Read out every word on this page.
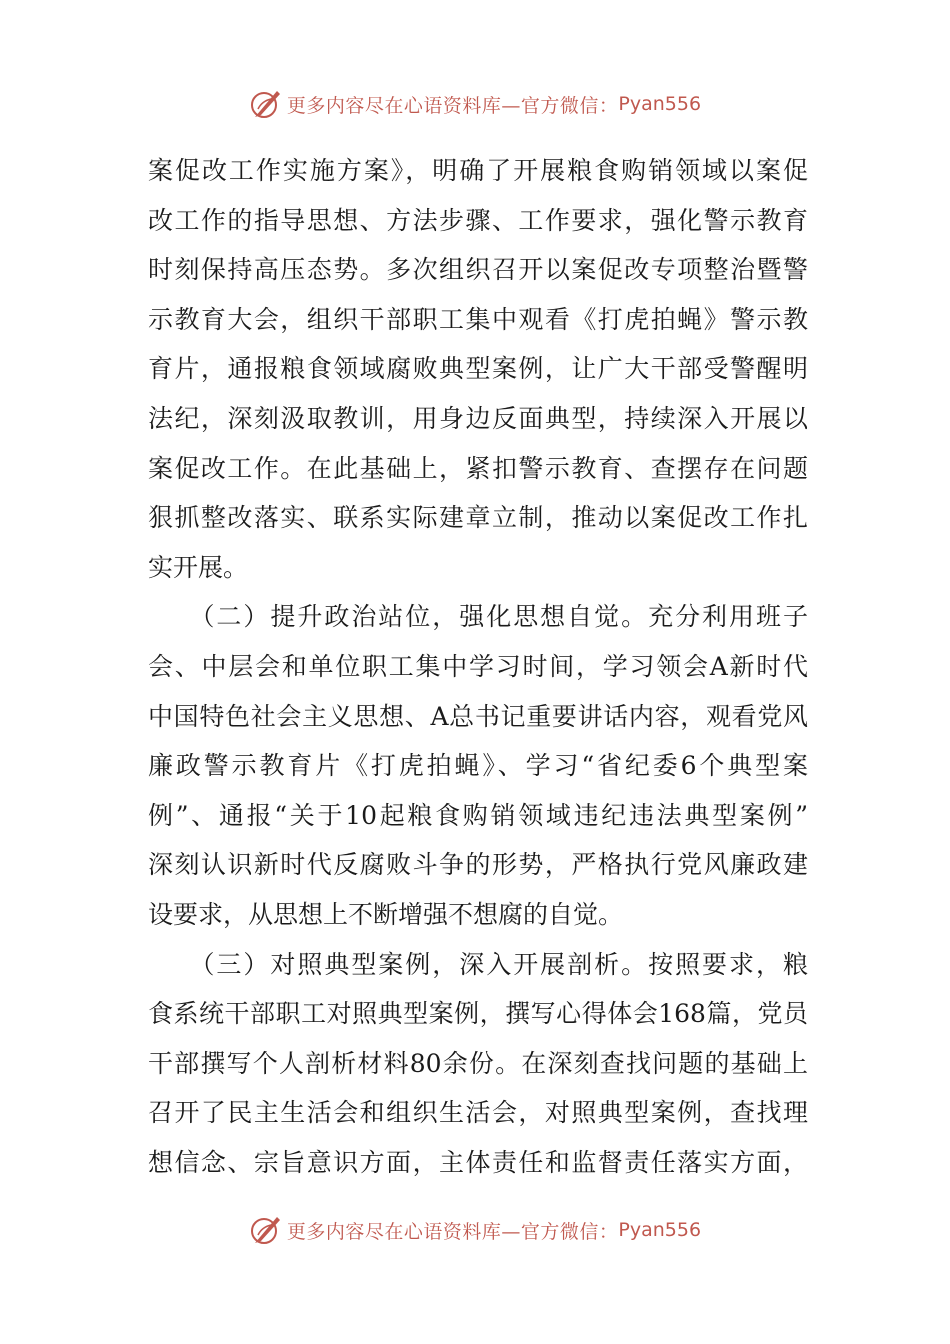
更多内容尽在心语资料库—官方微信： Pyan556
案促改工作实施方案》，明确了开展粮食购销领域以案促
改工作的指导思想、方法步骤、工作要求，强化警示教育
时刻保持高压态势。多次组织召开以案促改专项整治暨警
示教育大会，组织干部职工集中观看《打虎拍蝇》警示教
育片，通报粮食领域腐败典型案例，让广大干部受警醒明
法纪，深刻汲取教训，用身边反面典型，持续深入开展以
案促改工作。在此基础上，紧扣警示教育、查摆存在问题
狠抓整改落实、联系实际建章立制，推动以案促改工作扎
实开展。
　　（二）提升政治站位，强化思想自觉。充分利用班子
会、中层会和单位职工集中学习时间，学习领会A新时代
中国特色社会主义思想、A总书记重要讲话内容，观看党风
廉政警示教育片《打虎拍蝇》、学习“省纪委6个典型案
例”、通报“关于10起粮食购销领域违纪违法典型案例”
深刻认识新时代反腐败斗争的形势，严格执行党风廉政建
设要求，从思想上不断增强不想腐的自觉。
　　（三）对照典型案例，深入开展剖析。按照要求，粮
食系统干部职工对照典型案例，撰写心得体会168篇，党员
干部撰写个人剖析材料80余份。在深刻查找问题的基础上
召开了民主生活会和组织生活会，对照典型案例，查找理
想信念、宗旨意识方面，主体责任和监督责任落实方面，
更多内容尽在心语资料库—官方微信： Pyan556
